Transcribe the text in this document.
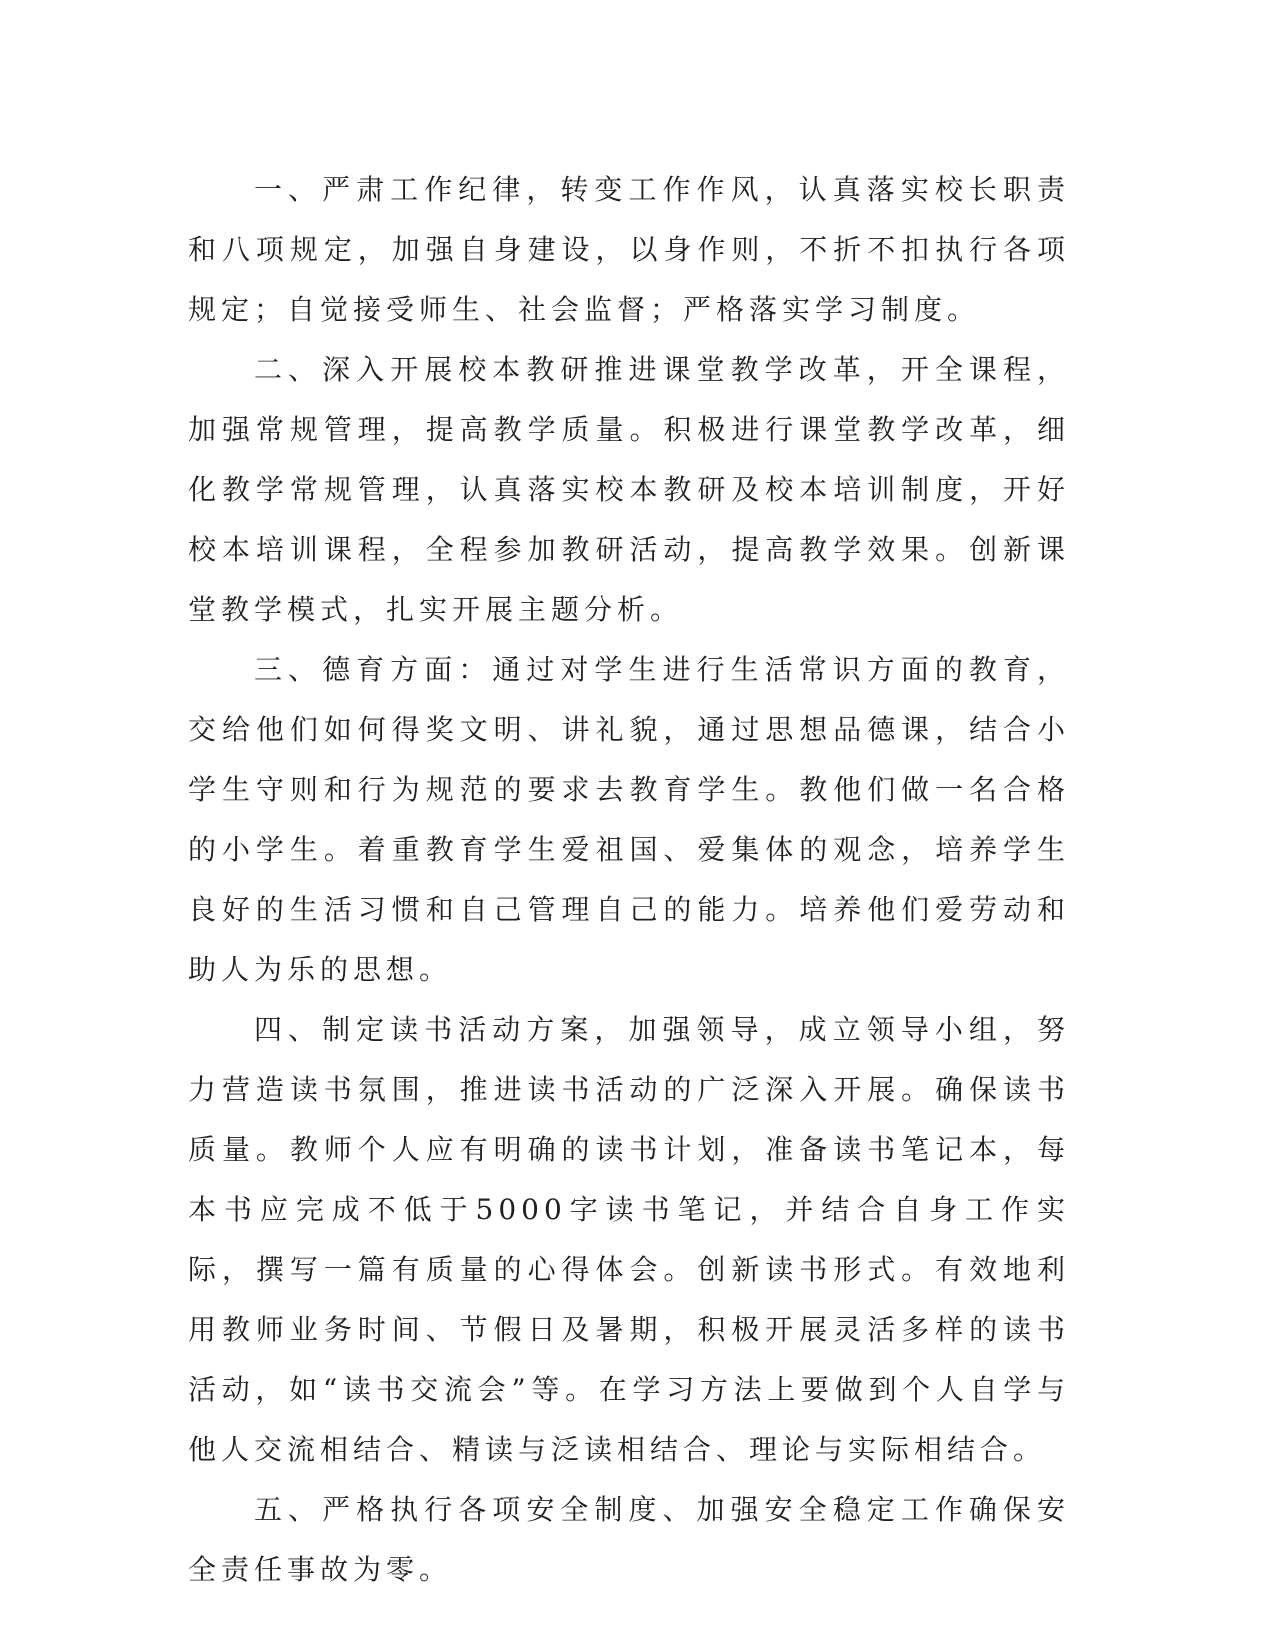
一、严肃工作纪律，转变工作作风，认真落实校长职责和八项规定，加强自身建设，以身作则，不折不扣执行各项规定；自觉接受师生、社会监督；严格落实学习制度。

二、深入开展校本教研推进课堂教学改革，开全课程，加强常规管理，提高教学质量。积极进行课堂教学改革，细化教学常规管理，认真落实校本教研及校本培训制度，开好校本培训课程，全程参加教研活动，提高教学效果。创新课堂教学模式，扎实开展主题分析。

三、德育方面：通过对学生进行生活常识方面的教育，交给他们如何得奖文明、讲礼貌，通过思想品德课，结合小学生守则和行为规范的要求去教育学生。教他们做一名合格的小学生。着重教育学生爱祖国、爱集体的观念，培养学生良好的生活习惯和自己管理自己的能力。培养他们爱劳动和助人为乐的思想。

四、制定读书活动方案，加强领导，成立领导小组，努力营造读书氛围，推进读书活动的广泛深入开展。确保读书质量。教师个人应有明确的读书计划，准备读书笔记本，每本书应完成不低于5000字读书笔记，并结合自身工作实际，撰写一篇有质量的心得体会。创新读书形式。有效地利用教师业务时间、节假日及暑期，积极开展灵活多样的读书活动，如“读书交流会”等。在学习方法上要做到个人自学与他人交流相结合、精读与泛读相结合、理论与实际相结合。

五、严格执行各项安全制度、加强安全稳定工作确保安全责任事故为零。
